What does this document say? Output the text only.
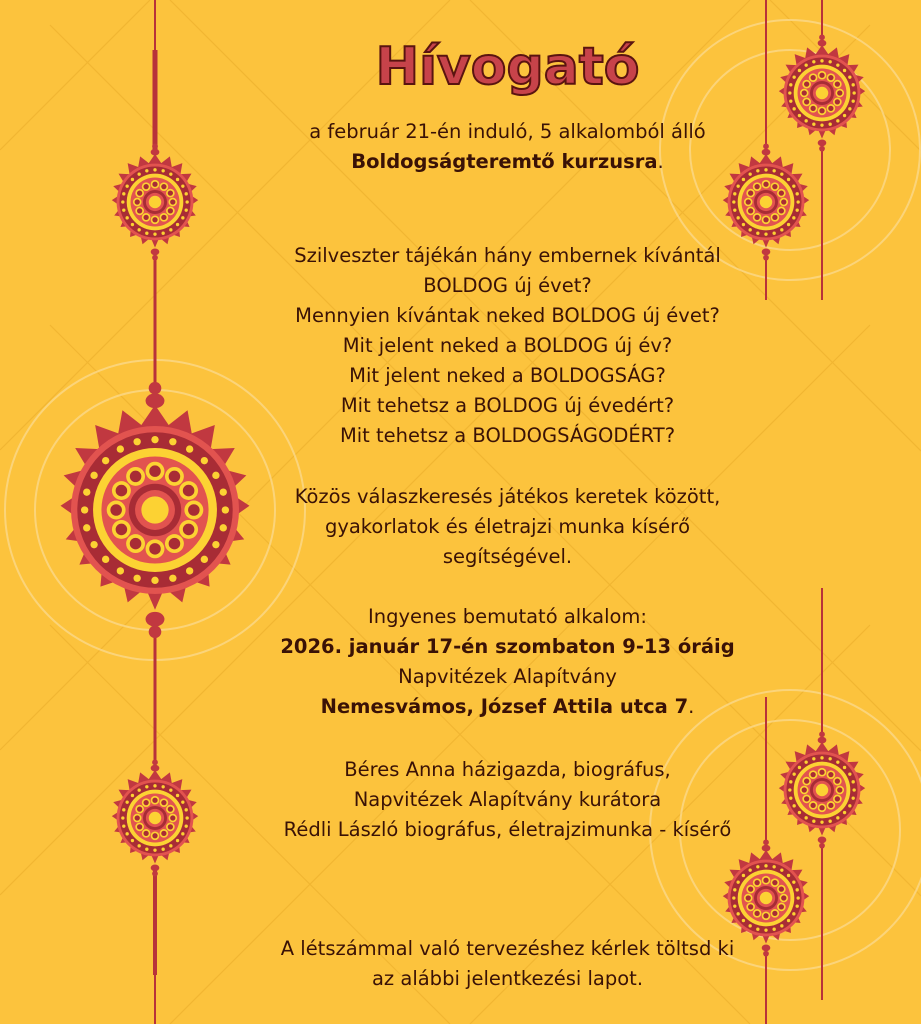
Hívogató
a február 21-én induló, 5 alkalomból álló
Boldogságteremtő kurzusra.
Szilveszter tájékán hány embernek kívántál
BOLDOG új évet?
Mennyien kívántak neked BOLDOG új évet?
Mit jelent neked a BOLDOG új év?
Mit jelent neked a BOLDOGSÁG?
Mit tehetsz a BOLDOG új évedért?
Mit tehetsz a BOLDOGSÁGODÉRT?
Közös válaszkeresés játékos keretek között,
gyakorlatok és életrajzi munka kísérő
segítségével.
Ingyenes bemutató alkalom:
2026. január 17-én szombaton 9-13 óráig
Napvitézek Alapítvány
Nemesvámos, József Attila utca 7.
Béres Anna házigazda, biográfus,
Napvitézek Alapítvány kurátora
Rédli László biográfus, életrajzimunka - kísérő
A létszámmal való tervezéshez kérlek töltsd ki
az alábbi jelentkezési lapot.
